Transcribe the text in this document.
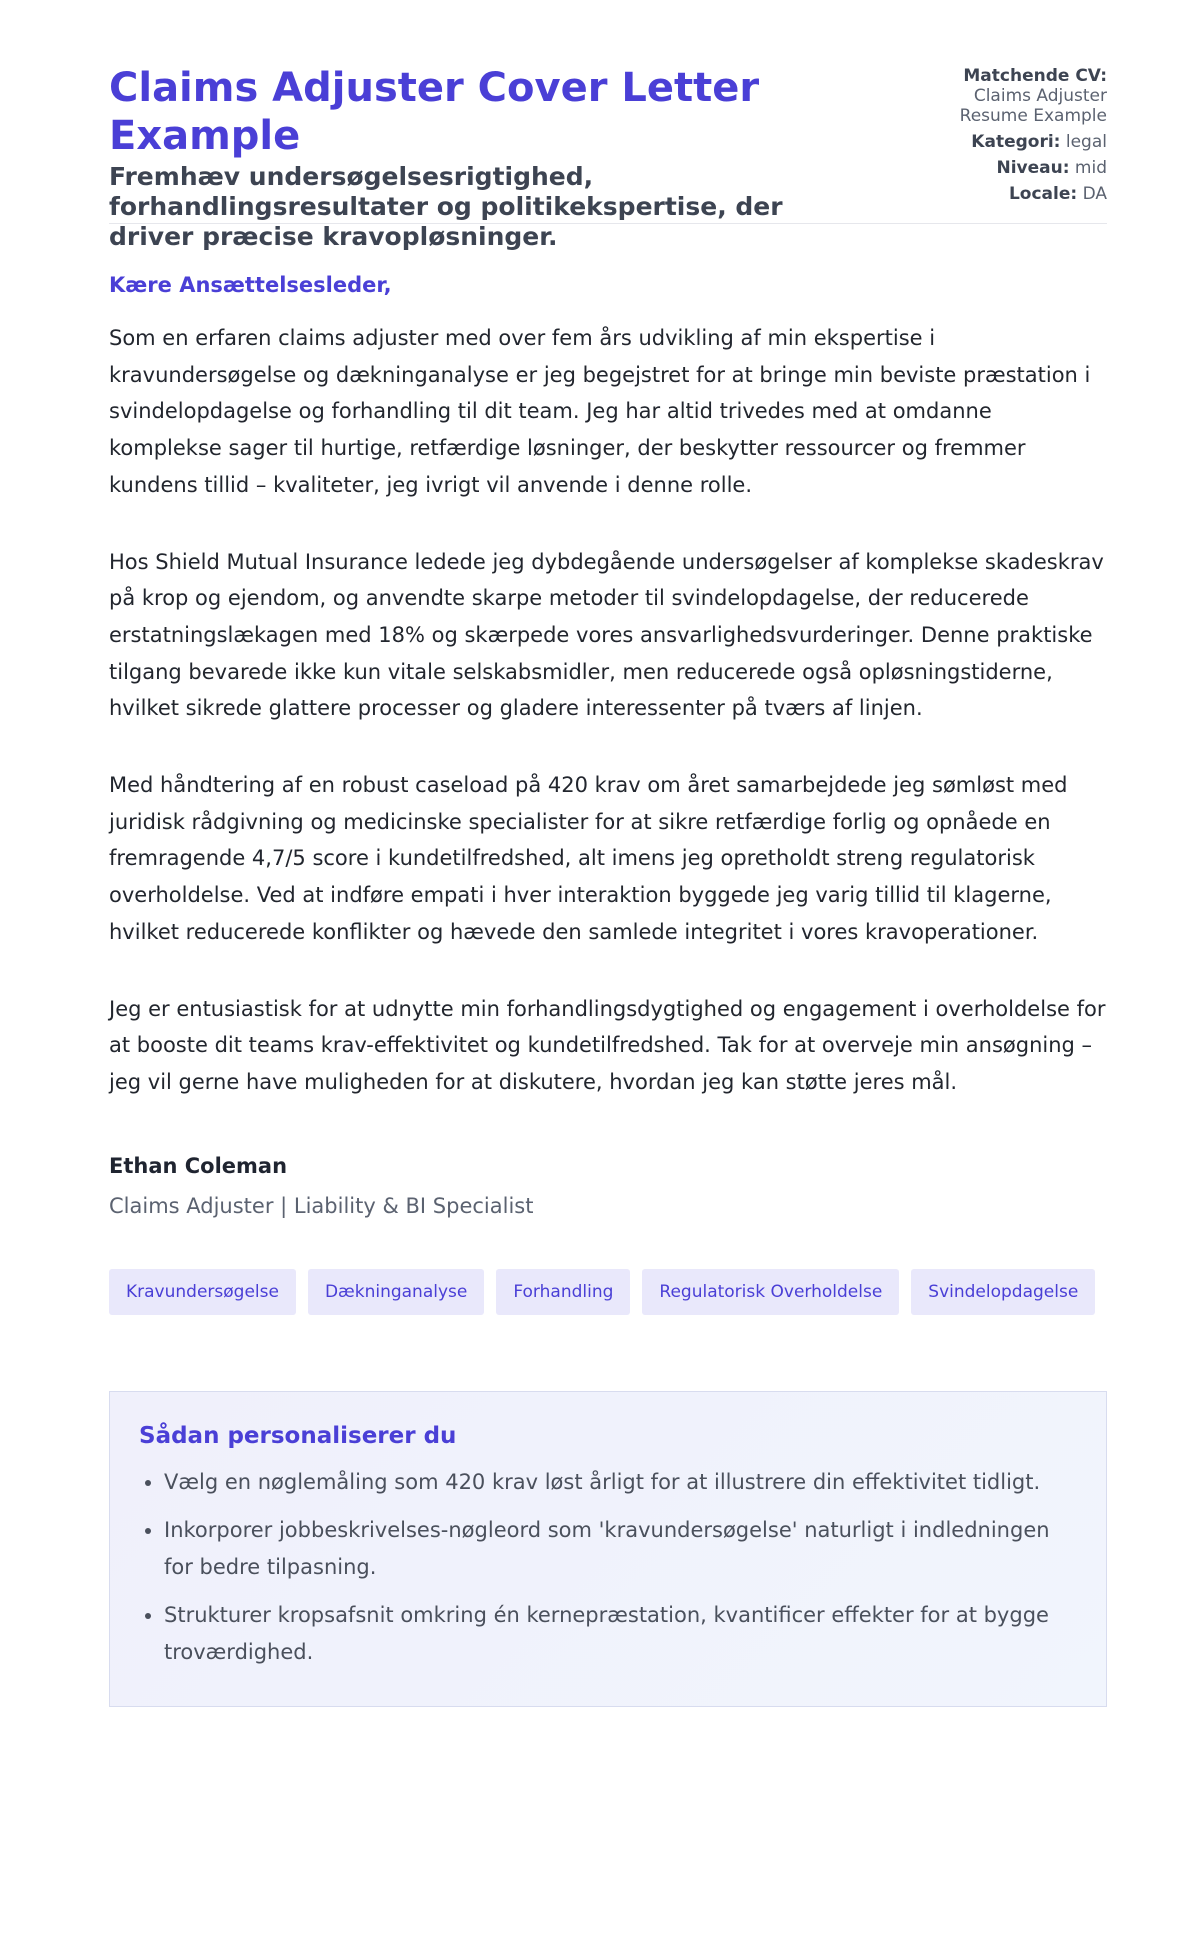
Claims Adjuster Cover Letter Example
Fremhæv undersøgelsesrigtighed, forhandlingsresultater og politikekspertise, der driver præcise kravopløsninger.
Matchende CV:
Claims Adjuster Resume Example
Kategori: legal
Niveau: mid
Locale: DA
Kære Ansættelsesleder,

Som en erfaren claims adjuster med over fem års udvikling af min ekspertise i kravundersøgelse og dækninganalyse er jeg begejstret for at bringe min beviste præstation i svindelopdagelse og forhandling til dit team. Jeg har altid trivedes med at omdanne komplekse sager til hurtige, retfærdige løsninger, der beskytter ressourcer og fremmer kundens tillid – kvaliteter, jeg ivrigt vil anvende i denne rolle.

Hos Shield Mutual Insurance ledede jeg dybdegående undersøgelser af komplekse skadeskrav på krop og ejendom, og anvendte skarpe metoder til svindelopdagelse, der reducerede erstatningslækagen med 18% og skærpede vores ansvarlighedsvurderinger. Denne praktiske tilgang bevarede ikke kun vitale selskabsmidler, men reducerede også opløsningstiderne, hvilket sikrede glattere processer og gladere interessenter på tværs af linjen.

Med håndtering af en robust caseload på 420 krav om året samarbejdede jeg sømløst med juridisk rådgivning og medicinske specialister for at sikre retfærdige forlig og opnåede en fremragende 4,7/5 score i kundetilfredshed, alt imens jeg opretholdt streng regulatorisk overholdelse. Ved at indføre empati i hver interaktion byggede jeg varig tillid til klagerne, hvilket reducerede konflikter og hævede den samlede integritet i vores kravoperationer.

Jeg er entusiastisk for at udnytte min forhandlingsdygtighed og engagement i overholdelse for at booste dit teams krav-effektivitet og kundetilfredshed. Tak for at overveje min ansøgning – jeg vil gerne have muligheden for at diskutere, hvordan jeg kan støtte jeres mål.

Ethan Coleman
Claims Adjuster | Liability & BI Specialist
Kravundersøgelse	Dækninganalyse	Forhandling	Regulatorisk Overholdelse	Svindelopdagelse
Sådan personaliserer du
• Vælg en nøglemåling som 420 krav løst årligt for at illustrere din effektivitet tidligt.
• Inkorporer jobbeskrivelses-nøgleord som 'kravundersøgelse' naturligt i indledningen for bedre tilpasning.
• Strukturer kropsafsnit omkring én kernepræstation, kvantificer effekter for at bygge troværdighed.
